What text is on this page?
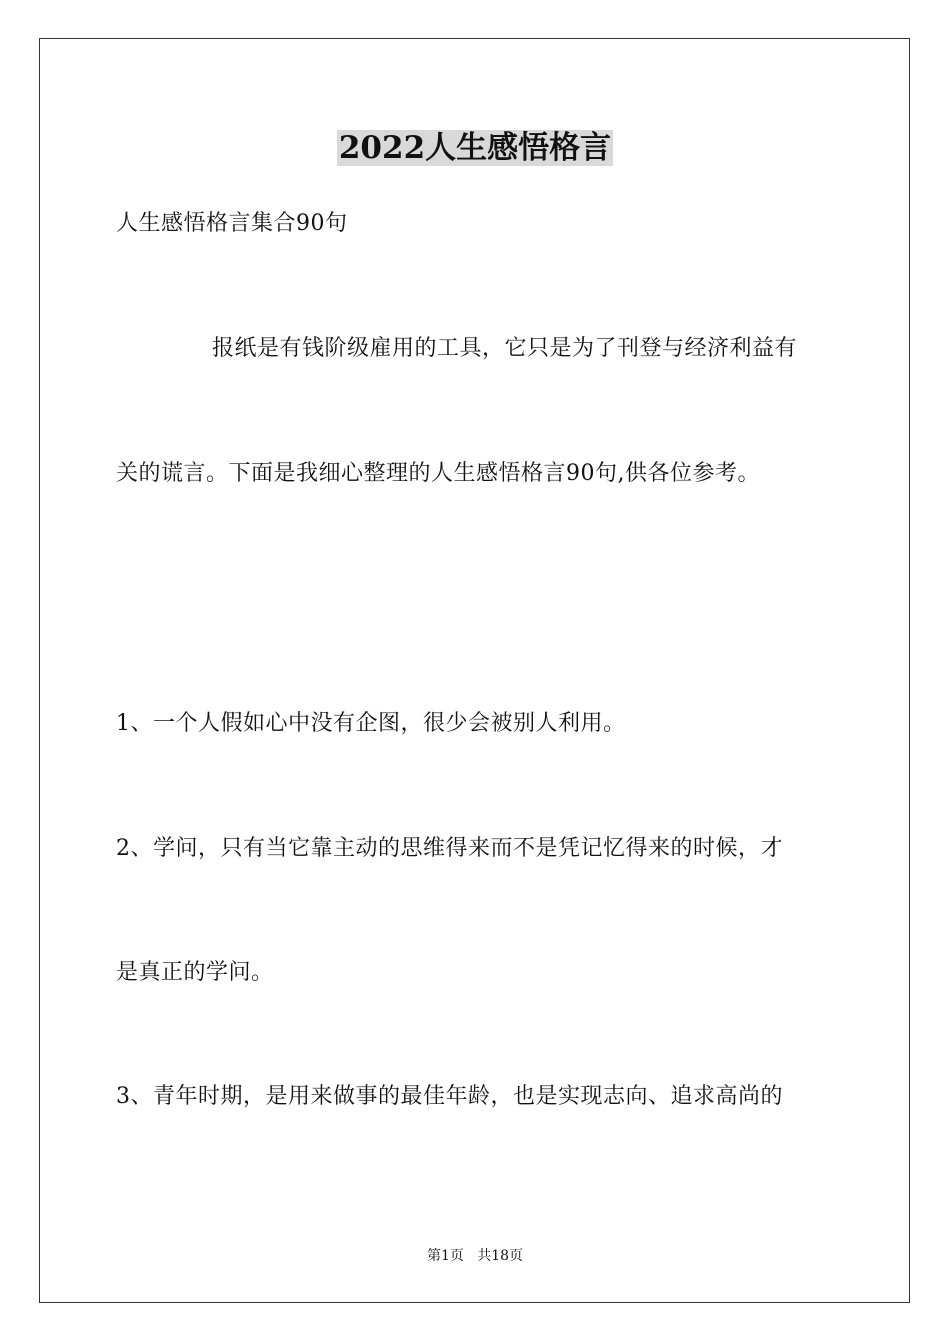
2022人生感悟格言
人生感悟格言集合90句
报纸是有钱阶级雇用的工具，它只是为了刊登与经济利益有
关的谎言。下面是我细心整理的人生感悟格言90句,供各位参考。
1、一个人假如心中没有企图，很少会被别人利用。
2、学问，只有当它靠主动的思维得来而不是凭记忆得来的时候，才
是真正的学问。
3、青年时期，是用来做事的最佳年龄，也是实现志向、追求高尚的
第1页   共18页
